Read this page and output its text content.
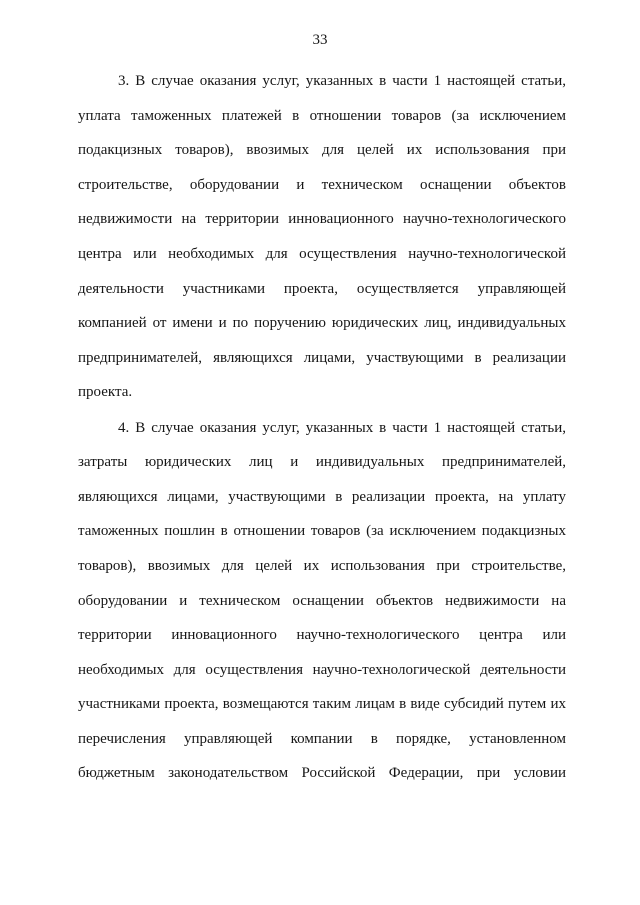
33
3. В случае оказания услуг, указанных в части 1 настоящей статьи,
уплата таможенных платежей в отношении товаров (за исключением
подакцизных товаров), ввозимых для целей их использования при
строительстве, оборудовании и техническом оснащении объектов
недвижимости на территории инновационного научно-технологического
центра или необходимых для осуществления научно-технологической
деятельности участниками проекта, осуществляется управляющей
компанией от имени и по поручению юридических лиц, индивидуальных
предпринимателей, являющихся лицами, участвующими в реализации
проекта.
4. В случае оказания услуг, указанных в части 1 настоящей статьи,
затраты юридических лиц и индивидуальных предпринимателей,
являющихся лицами, участвующими в реализации проекта, на уплату
таможенных пошлин в отношении товаров (за исключением подакцизных
товаров), ввозимых для целей их использования при строительстве,
оборудовании и техническом оснащении объектов недвижимости на
территории инновационного научно-технологического центра или
необходимых для осуществления научно-технологической деятельности
участниками проекта, возмещаются таким лицам в виде субсидий путем их
перечисления управляющей компании в порядке, установленном
бюджетным законодательством Российской Федерации, при условии
